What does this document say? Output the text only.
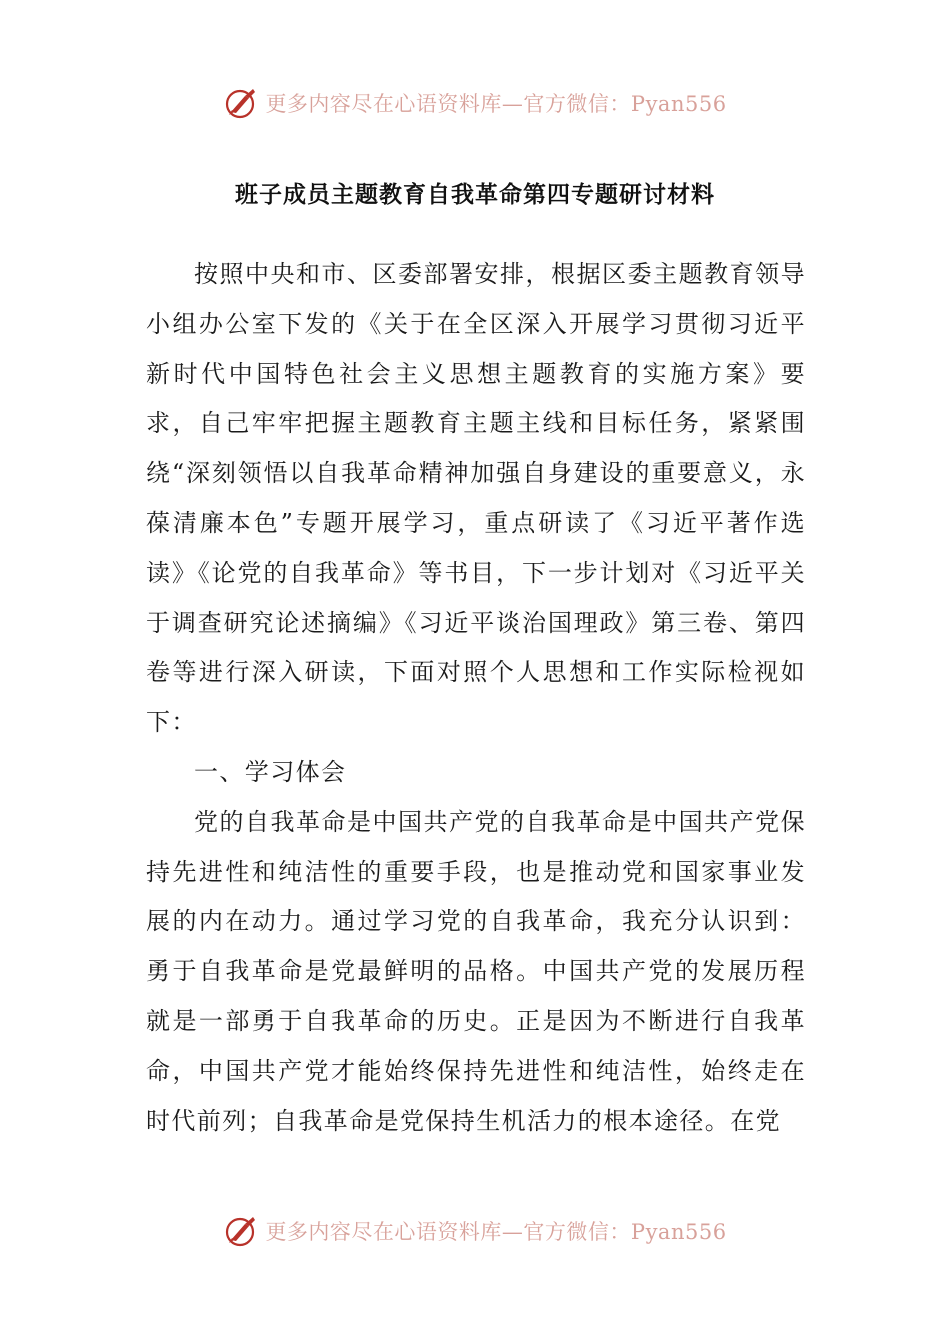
更多内容尽在心语资料库—官方微信：Pyan556
班子成员主题教育自我革命第四专题研讨材料

按照中央和市、区委部署安排，根据区委主题教育领导小组办公室下发的《关于在全区深入开展学习贯彻习近平新时代中国特色社会主义思想主题教育的实施方案》要求，自己牢牢把握主题教育主题主线和目标任务，紧紧围绕“深刻领悟以自我革命精神加强自身建设的重要意义，永葆清廉本色”专题开展学习，重点研读了《习近平著作选读》《论党的自我革命》等书目，下一步计划对《习近平关于调查研究论述摘编》《习近平谈治国理政》第三卷、第四卷等进行深入研读，下面对照个人思想和工作实际检视如下：

一、学习体会

党的自我革命是中国共产党的自我革命是中国共产党保持先进性和纯洁性的重要手段，也是推动党和国家事业发展的内在动力。通过学习党的自我革命，我充分认识到：勇于自我革命是党最鲜明的品格。中国共产党的发展历程就是一部勇于自我革命的历史。正是因为不断进行自我革命，中国共产党才能始终保持先进性和纯洁性，始终走在时代前列；自我革命是党保持生机活力的根本途径。在党

更多内容尽在心语资料库—官方微信：Pyan556
